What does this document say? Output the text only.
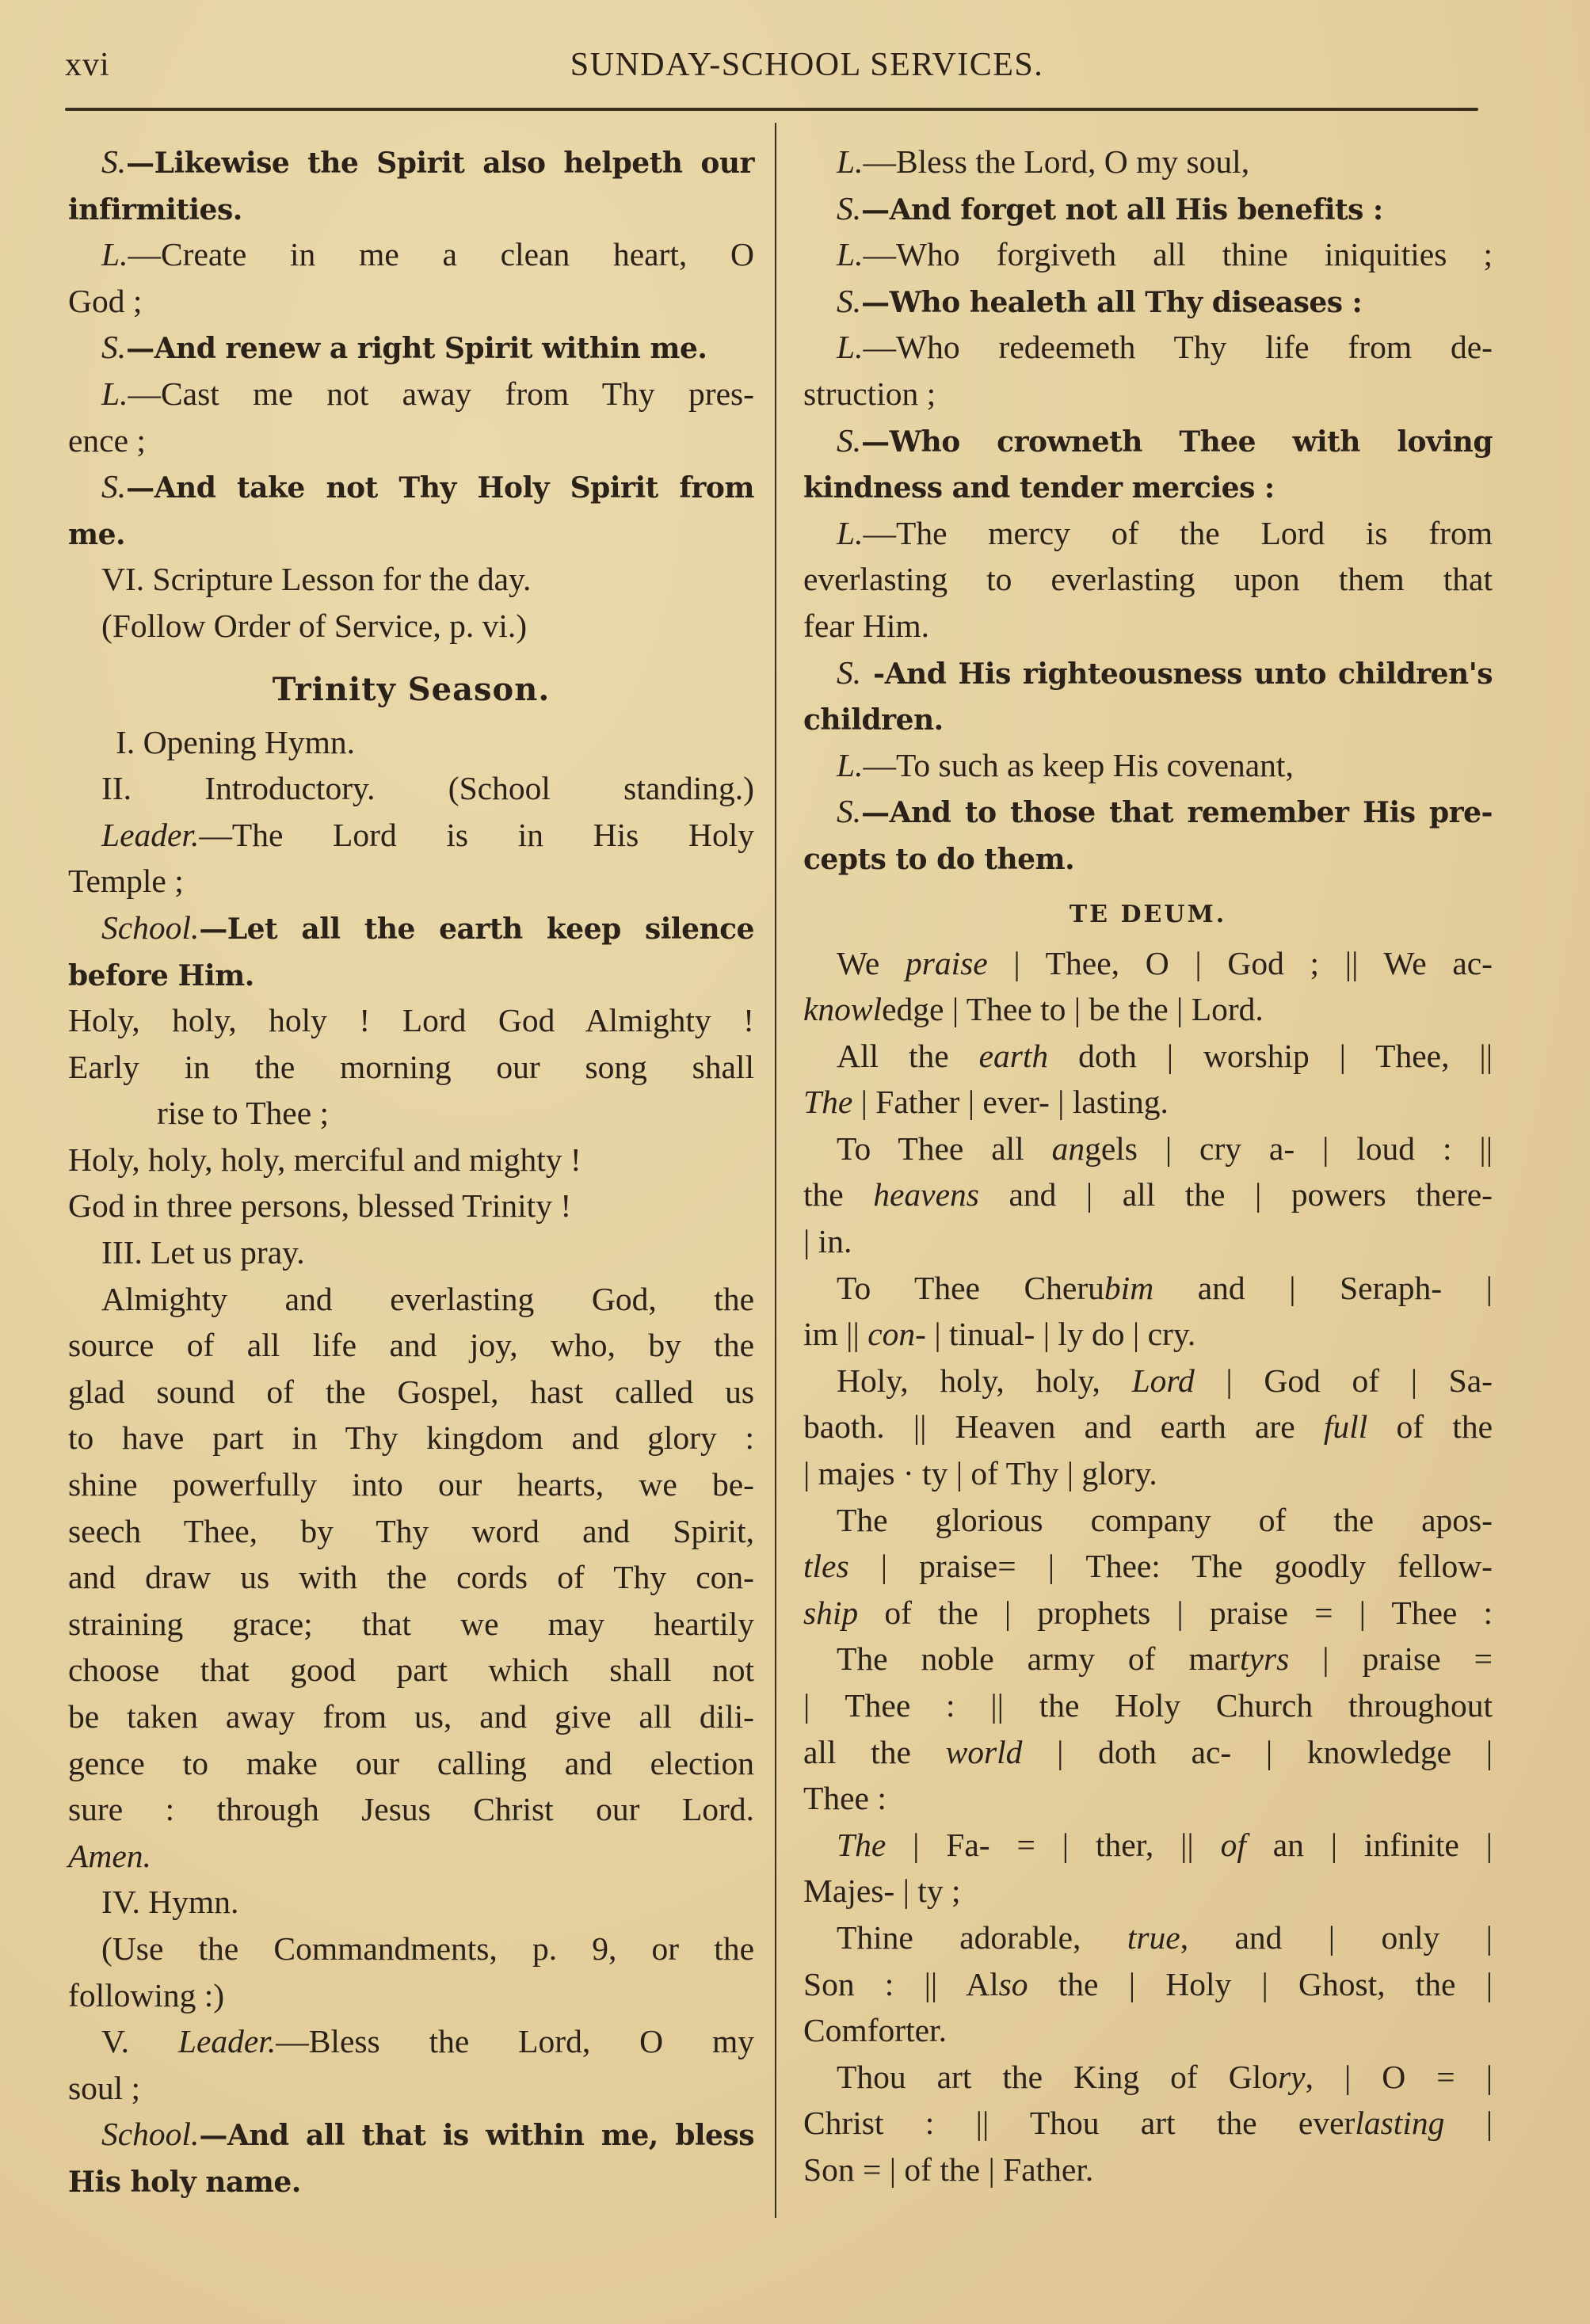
xvi	SUNDAY-SCHOOL SERVICES.
S.—Likewise the Spirit also helpeth our
infirmities.
L.—Create in me a clean heart, O
God ;
S.—And renew a right Spirit within me.
L.—Cast me not away from Thy pres-
ence ;
S.—And take not Thy Holy Spirit from
me.
VI. Scripture Lesson for the day.
(Follow Order of Service, p. vi.)
Trinity Season.
I. Opening Hymn.
II. Introductory. (School standing.)
Leader.—The Lord is in His Holy
Temple ;
School.—Let all the earth keep silence
before Him.
Holy, holy, holy ! Lord God Almighty !
Early in the morning our song shall
rise to Thee ;
Holy, holy, holy, merciful and mighty !
God in three persons, blessed Trinity !
III. Let us pray.
Almighty and everlasting God, the
source of all life and joy, who, by the
glad sound of the Gospel, hast called us
to have part in Thy kingdom and glory :
shine powerfully into our hearts, we be-
seech Thee, by Thy word and Spirit,
and draw us with the cords of Thy con-
straining grace; that we may heartily
choose that good part which shall not
be taken away from us, and give all dili-
gence to make our calling and election
sure : through Jesus Christ our Lord.
Amen.
IV. Hymn.
(Use the Commandments, p. 9, or the
following :)
V. Leader.—Bless the Lord, O my
soul ;
School.—And all that is within me, bless
His holy name.
L.—Bless the Lord, O my soul,
S.—And forget not all His benefits :
L.—Who forgiveth all thine iniquities ;
S.—Who healeth all Thy diseases :
L.—Who redeemeth Thy life from de-
struction ;
S.—Who crowneth Thee with loving
kindness and tender mercies :
L.—The mercy of the Lord is from
everlasting to everlasting upon them that
fear Him.
S. -And His righteousness unto children's
children.
L.—To such as keep His covenant,
S.—And to those that remember His pre-
cepts to do them.
TE DEUM.
We praise | Thee, O | God ; || We ac-
knowledge | Thee to | be the | Lord.
All the earth doth | worship | Thee, ||
The | Father | ever- | lasting.
To Thee all angels | cry a- | loud : ||
the heavens and | all the | powers there-
| in.
To Thee Cherubim and | Seraph- |
im || con- | tinual- | ly do | cry.
Holy, holy, holy, Lord | God of | Sa-
baoth. || Heaven and earth are full of the
| majes · ty | of Thy | glory.
The glorious company of the apos-
tles | praise= | Thee: The goodly fellow-
ship of the | prophets | praise = | Thee :
The noble army of martyrs | praise =
| Thee : || the Holy Church throughout
all the world | doth ac- | knowledge |
Thee :
The | Fa- = | ther, || of an | infinite |
Majes- | ty ;
Thine adorable, true, and | only |
Son : || Also the | Holy | Ghost, the |
Comforter.
Thou art the King of Glory, | O = |
Christ : || Thou art the everlasting |
Son = | of the | Father.
